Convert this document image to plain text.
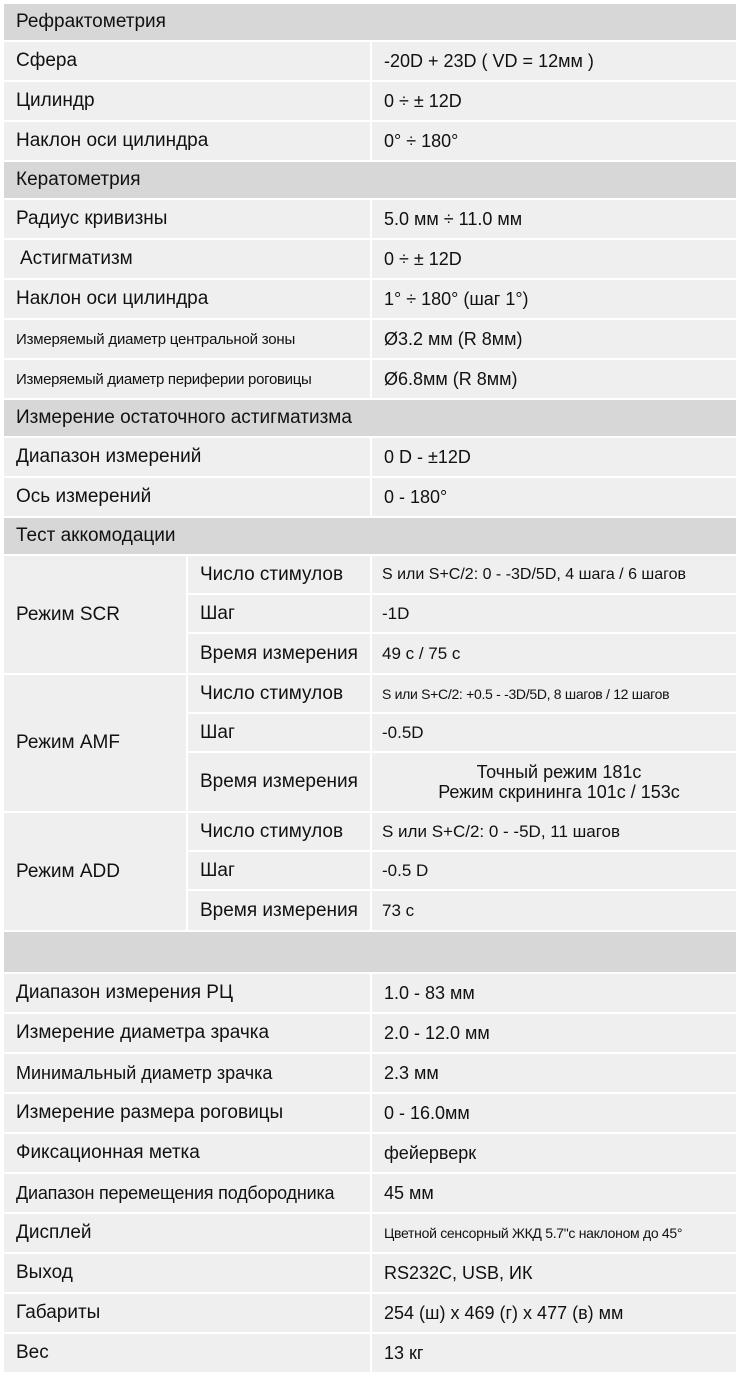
Рефрактометрия
Сфера	-20D + 23D ( VD = 12мм )
Цилиндр	0 ÷ ± 12D
Наклон оси цилиндра	0° ÷ 180°
Кератометрия
Радиус кривизны	5.0 мм ÷ 11.0 мм
Астигматизм	0 ÷ ± 12D
Наклон оси цилиндра	1° ÷ 180° (шаг 1°)
Измеряемый диаметр центральной зоны	Ø3.2 мм (R 8мм)
Измеряемый диаметр периферии роговицы	Ø6.8мм (R 8мм)
Измерение остаточного астигматизма
Диапазон измерений	0 D - ±12D
Ось измерений	0 - 180°
Тест аккомодации
Режим SCR
Число стимулов	S или S+C/2: 0 - -3D/5D, 4 шага / 6 шагов
Шаг	-1D
Время измерения	49 с / 75 с
Режим AMF
Число стимулов	S или S+C/2: +0.5 - -3D/5D, 8 шагов / 12 шагов
Шаг	-0.5D
Время измерения	Точный режим 181с
Режим скрининга 101с / 153с
Режим ADD
Число стимулов	S или S+C/2: 0 - -5D, 11 шагов
Шаг	-0.5 D
Время измерения	73 с
Диапазон измерения РЦ	1.0 - 83 мм
Измерение диаметра зрачка	2.0 - 12.0 мм
Минимальный диаметр зрачка	2.3 мм
Измерение размера роговицы	0 - 16.0мм
Фиксационная метка	фейерверк
Диапазон перемещения подбородника	45 мм
Дисплей	Цветной сенсорный ЖКД 5.7"с наклоном до 45°
Выход	RS232C, USB, ИК
Габариты	254 (ш) х 469 (г) х 477 (в) мм
Вес	13 кг
